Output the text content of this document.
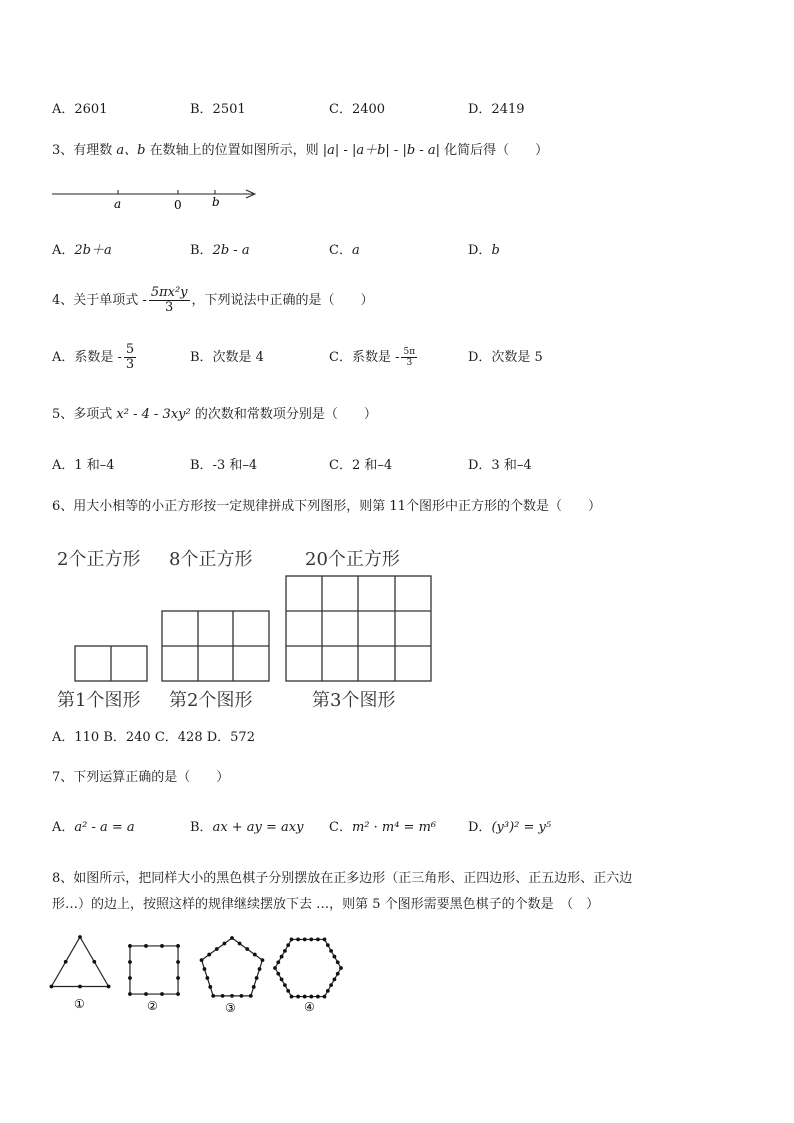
A．2601	B．2501	C．2400	D．2419
3、有理数 a、b 在数轴上的位置如图所示，则 |a| - |a＋b| - |b - a| 化简后得（　　）
a	0	b
A．2b＋a	B．2b - a	C．a	D．b
4、关于单项式 - $\frac{\text{5πx²y}}{3}$ ，下列说法中正确的是（　　）
A．系数是 - $\frac{5}{3}$	B．次数是 4	C．系数是 - $\frac{5\pi}{3}$	D．次数是 5
5、多项式 x² - 4 - 3xy² 的次数和常数项分别是（　　）
A．1 和–4	B．-3 和–4	C．2 和–4	D．3 和–4
6、用大小相等的小正方形按一定规律拼成下列图形，则第 11个图形中正方形的个数是（　　）
2个正方形 8个正方形	20个正方形
第1个图形 第2个图形	第3个图形
A．110 B．240 C．428 D．572
7、下列运算正确的是（　　）
A．a² - a = a	B．ax + ay = axy C．m² · m⁴ = m⁶ D．(y³)² = y⁵
8、如图所示，把同样大小的黑色棋子分别摆放在正多边形（正三角形、正四边形、正五边形、正六边
形…）的边上，按照这样的规律继续摆放下去 …，则第 5 个图形需要黑色棋子的个数是　（　）
①	②	③	④
